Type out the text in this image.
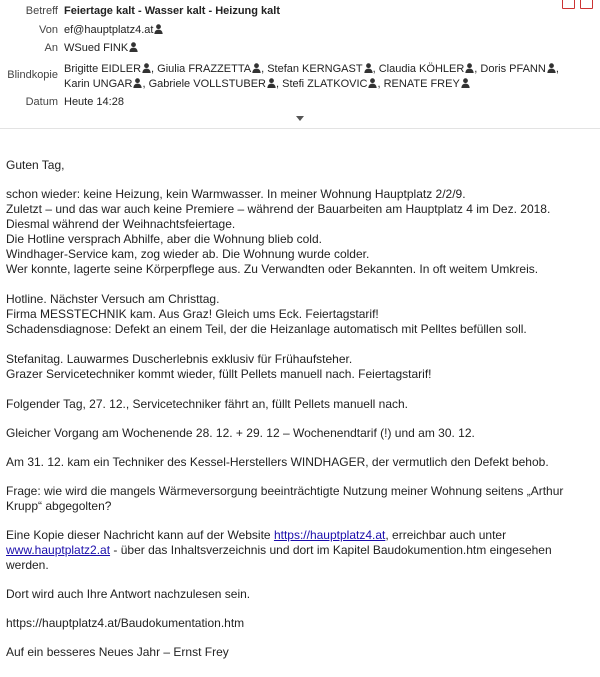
Betreff Feiertage kalt - Wasser kalt - Heizung kalt
Von ef@hauptplatz4.at
An WSued FINK
Blindkopie Brigitte EIDLER , Giulia FRAZZETTA , Stefan KERNGAST , Claudia KÖHLER , Doris PFANN , Karin UNGAR , Gabriele VOLLSTUBER , Stefi ZLATKOVIC , RENATE FREY
Datum Heute 14:28

Guten Tag,

schon wieder: keine Heizung, kein Warmwasser. In meiner Wohnung Hauptplatz 2/2/9.
Zuletzt – und das war auch keine Premiere – während der Bauarbeiten am Hauptplatz 4 im Dez. 2018.
Diesmal während der Weihnachtsfeiertage.
Die Hotline versprach Abhilfe, aber die Wohnung blieb cold.
Windhager-Service kam, zog wieder ab. Die Wohnung wurde colder.
Wer konnte, lagerte seine Körperpflege aus. Zu Verwandten oder Bekannten. In oft weitem Umkreis.

Hotline. Nächster Versuch am Christtag.
Firma MESSTECHNIK kam. Aus Graz! Gleich ums Eck. Feiertagstarif!
Schadensdiagnose: Defekt an einem Teil, der die Heizanlage automatisch mit Pelltes befüllen soll.

Stefanitag. Lauwarmes Duscherlebnis exklusiv für Frühaufsteher.
Grazer Servicetechniker kommt wieder, füllt Pellets manuell nach. Feiertagstarif!

Folgender Tag, 27. 12., Servicetechniker fährt an, füllt Pellets manuell nach.

Gleicher Vorgang am Wochenende 28. 12. + 29. 12 – Wochenendtarif (!) und am 30. 12.

Am 31. 12. kam ein Techniker des Kessel-Herstellers WINDHAGER, der vermutlich den Defekt behob.

Frage: wie wird die mangels Wärmeversorgung beeinträchtigte Nutzung meiner Wohnung seitens „Arthur Krupp“ abgegolten?

Eine Kopie dieser Nachricht kann auf der Website https://hauptplatz4.at, erreichbar auch unter www.hauptplatz2.at - über das Inhaltsverzeichnis und dort im Kapitel Baudokumention.htm eingesehen werden.

Dort wird auch Ihre Antwort nachzulesen sein.

https://hauptplatz4.at/Baudokumentation.htm

Auf ein besseres Neues Jahr – Ernst Frey
